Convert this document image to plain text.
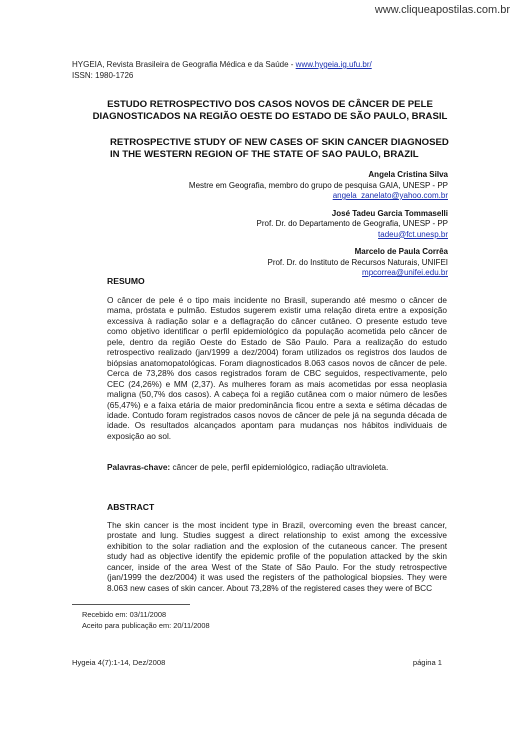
www.cliqueapostilas.com.br
HYGEIA, Revista Brasileira de Geografia Médica e da Saúde - www.hygeia.ig.ufu.br/
ISSN: 1980-1726
ESTUDO RETROSPECTIVO DOS CASOS NOVOS DE CÂNCER DE PELE DIAGNOSTICADOS NA REGIÃO OESTE DO ESTADO DE SÃO PAULO, BRASIL
RETROSPECTIVE STUDY OF NEW CASES OF SKIN CANCER DIAGNOSED IN THE WESTERN REGION OF THE STATE OF SAO PAULO, BRAZIL
Angela Cristina Silva
Mestre em Geografia, membro do grupo de pesquisa GAIA, UNESP - PP
angela_zanelato@yahoo.com.br
José Tadeu Garcia Tommaselli
Prof. Dr. do Departamento de Geografia, UNESP - PP
tadeu@fct.unesp.br
Marcelo de Paula Corrêa
Prof. Dr. do Instituto de Recursos Naturais, UNIFEI
mpcorrea@unifei.edu.br
RESUMO
O câncer de pele é o tipo mais incidente no Brasil, superando até mesmo o câncer de mama, próstata e pulmão. Estudos sugerem existir uma relação direta entre a exposição excessiva à radiação solar e a deflagração do câncer cutâneo. O presente estudo teve como objetivo identificar o perfil epidemiológico da população acometida pelo câncer de pele, dentro da região Oeste do Estado de São Paulo. Para a realização do estudo retrospectivo realizado (jan/1999 a dez/2004) foram utilizados os registros dos laudos de biópsias anatomopatológicas. Foram diagnosticados 8.063 casos novos de câncer de pele. Cerca de 73,28% dos casos registrados foram de CBC seguidos, respectivamente, pelo CEC (24,26%) e MM (2,37). As mulheres foram as mais acometidas por essa neoplasia maligna (50,7% dos casos). A cabeça foi a região cutânea com o maior número de lesões (65,47%) e a faixa etária de maior predominância ficou entre a sexta e sétima décadas de idade. Contudo foram registrados casos novos de câncer de pele já na segunda década de idade. Os resultados alcançados apontam para mudanças nos hábitos individuais de exposição ao sol.
Palavras-chave: câncer de pele, perfil epidemiológico, radiação ultravioleta.
ABSTRACT
The skin cancer is the most incident type in Brazil, overcoming even the breast cancer, prostate and lung. Studies suggest a direct relationship to exist among the excessive exhibition to the solar radiation and the explosion of the cutaneous cancer. The present study had as objective identify the epidemic profile of the population attacked by the skin cancer, inside of the area West of the State of São Paulo. For the study retrospective (jan/1999 the dez/2004) it was used the registers of the pathological biopsies. They were 8.063 new cases of skin cancer. About 73,28% of the registered cases they were of BCC
Recebido em: 03/11/2008
Aceito para publicação em: 20/11/2008
Hygeia 4(7):1-14, Dez/2008	página 1
